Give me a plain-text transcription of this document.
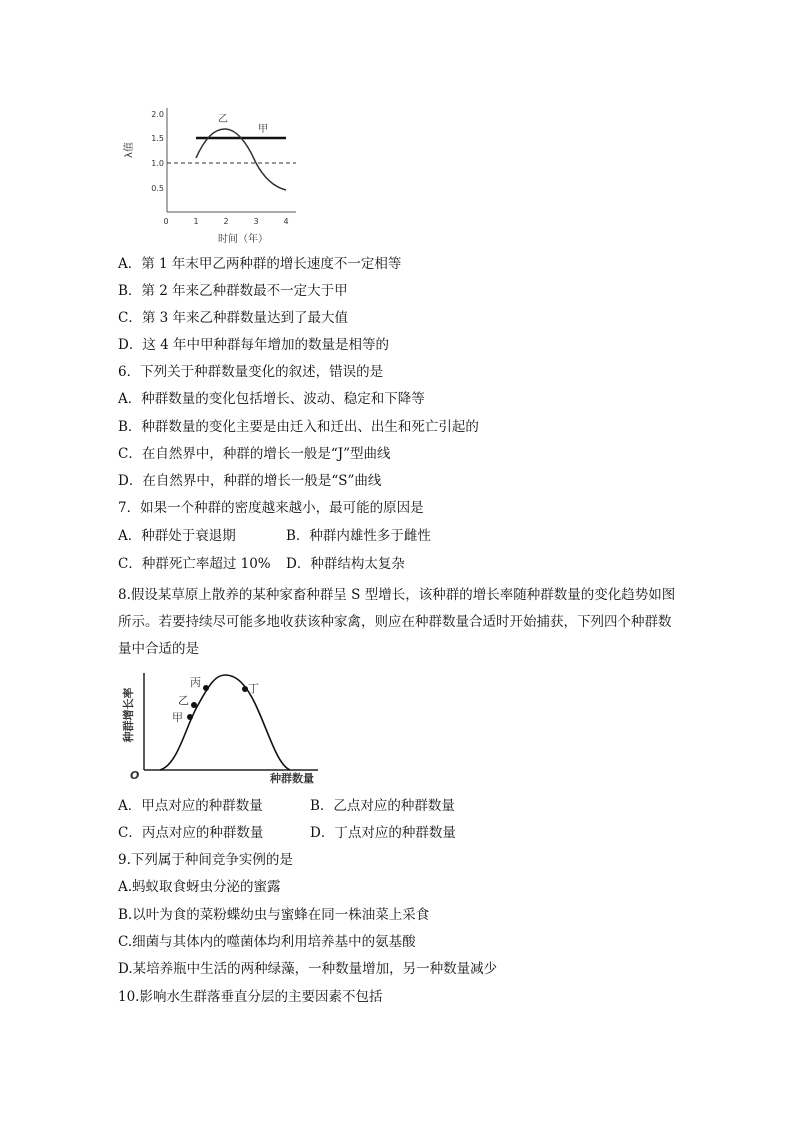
λ值
2.0
1.5
1.0
0.5
0	1	2	3	4
甲
乙
时间（年）
A．第 1 年末甲乙两种群的增长速度不一定相等
B．第 2 年来乙种群数最不一定大于甲
C．第 3 年来乙种群数量达到了最大值
D．这 4 年中甲种群每年增加的数量是相等的
6．下列关于种群数量变化的叙述，错误的是
A．种群数量的变化包括增长、波动、稳定和下降等
B．种群数量的变化主要是由迁入和迁出、出生和死亡引起的
C．在自然界中，种群的增长一般是“J”型曲线
D．在自然界中，种群的增长一般是“S”曲线
7．如果一个种群的密度越来越小，最可能的原因是
A．种群处于衰退期	B．种群内雄性多于雌性
C．种群死亡率超过 10% D．种群结构太复杂
8.假设某草原上散养的某种家畜种群呈 S 型增长，该种群的增长率随种群数量的变化趋势如图所示。若要持续尽可能多地收获该种家禽，则应在种群数量合适时开始捕获，下列四个种群数量中合适的是
种群增长率
O	种群数量
甲
乙
丙	丁
A．甲点对应的种群数量	B．乙点对应的种群数量
C．丙点对应的种群数量	D．丁点对应的种群数量
9.下列属于种间竞争实例的是
A.蚂蚁取食蚜虫分泌的蜜露
B.以叶为食的菜粉蝶幼虫与蜜蜂在同一株油菜上采食
C.细菌与其体内的噬菌体均利用培养基中的氨基酸
D.某培养瓶中生活的两种绿藻，一种数量增加，另一种数量减少
10.影响水生群落垂直分层的主要因素不包括
